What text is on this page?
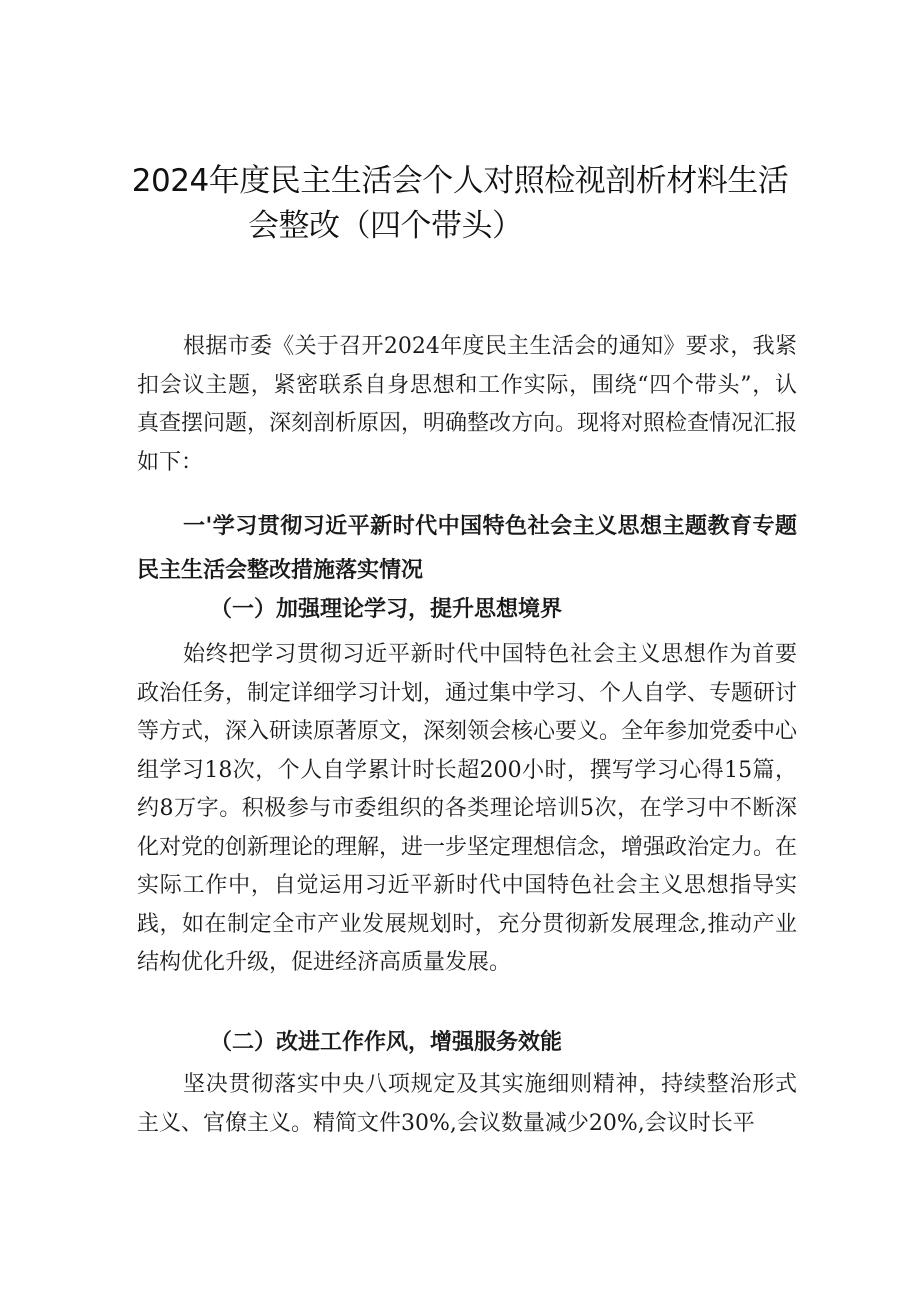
2024年度民主生活会个人对照检视剖析材料生活
会整改（四个带头）

根据市委《关于召开2024年度民主生活会的通知》要求，我紧扣会议主题，紧密联系自身思想和工作实际，围绕“四个带头”，认真查摆问题，深刻剖析原因，明确整改方向。现将对照检查情况汇报如下：

一'学习贯彻习近平新时代中国特色社会主义思想主题教育专题民主生活会整改措施落实情况

（一）加强理论学习，提升思想境界

始终把学习贯彻习近平新时代中国特色社会主义思想作为首要政治任务，制定详细学习计划，通过集中学习、个人自学、专题研讨等方式，深入研读原著原文，深刻领会核心要义。全年参加党委中心组学习18次，个人自学累计时长超200小时，撰写学习心得15篇，约8万字。积极参与市委组织的各类理论培训5次，在学习中不断深化对党的创新理论的理解，进一步坚定理想信念，增强政治定力。在实际工作中，自觉运用习近平新时代中国特色社会主义思想指导实践，如在制定全市产业发展规划时，充分贯彻新发展理念,推动产业结构优化升级，促进经济高质量发展。

（二）改进工作作风，增强服务效能

坚决贯彻落实中央八项规定及其实施细则精神，持续整治形式主义、官僚主义。精简文件30%,会议数量减少20%,会议时长平
